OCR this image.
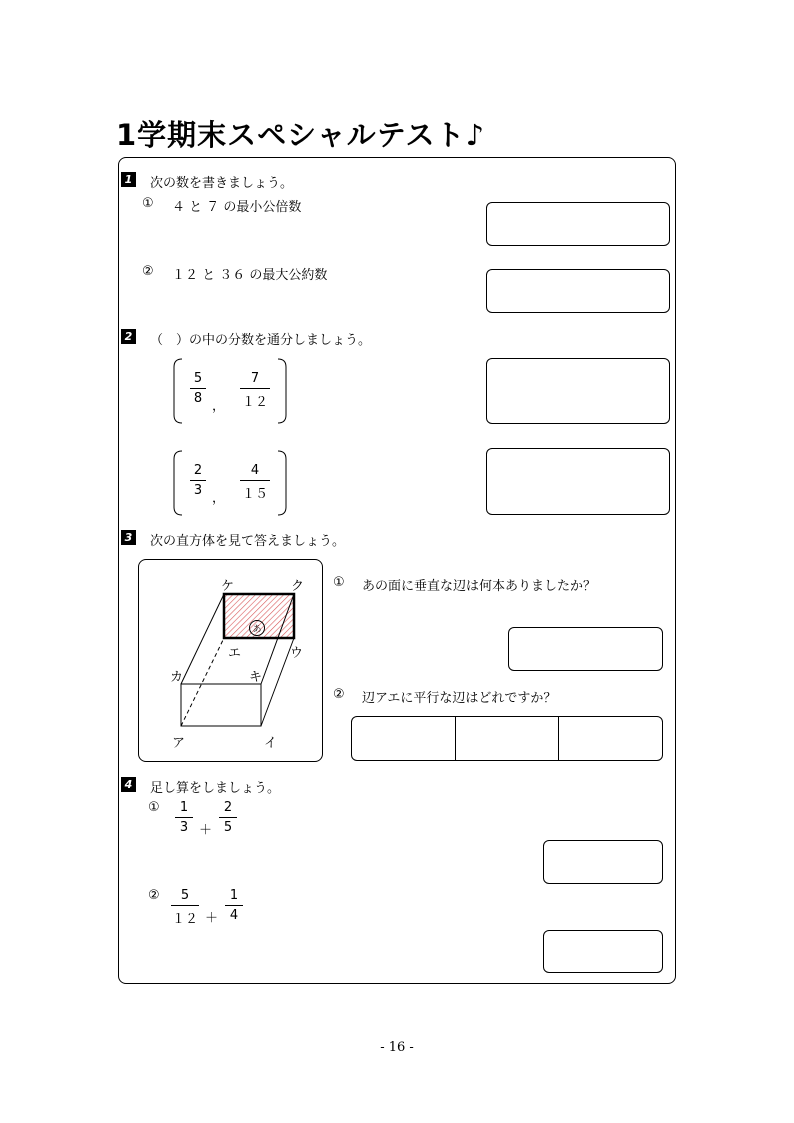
1学期末スペシャルテスト♪
1 次の数を書きましょう。
① ４ と ７ の最小公倍数
② １２ と ３６ の最大公約数
2 （　）の中の分数を通分しましょう。
5
8
，
7
１２
2
3
，
4
１５
3 次の直方体を見て答えましょう。
ケ	ク
あ
エ	ウ
カ	キ
ア	イ
① あの面に垂直な辺は何本ありましたか？
② 辺アエに平行な辺はどれですか？
4 足し算をしましょう。
①	1
3 ＋
2
5
②	5
１２ ＋
1
4
- 16 -
